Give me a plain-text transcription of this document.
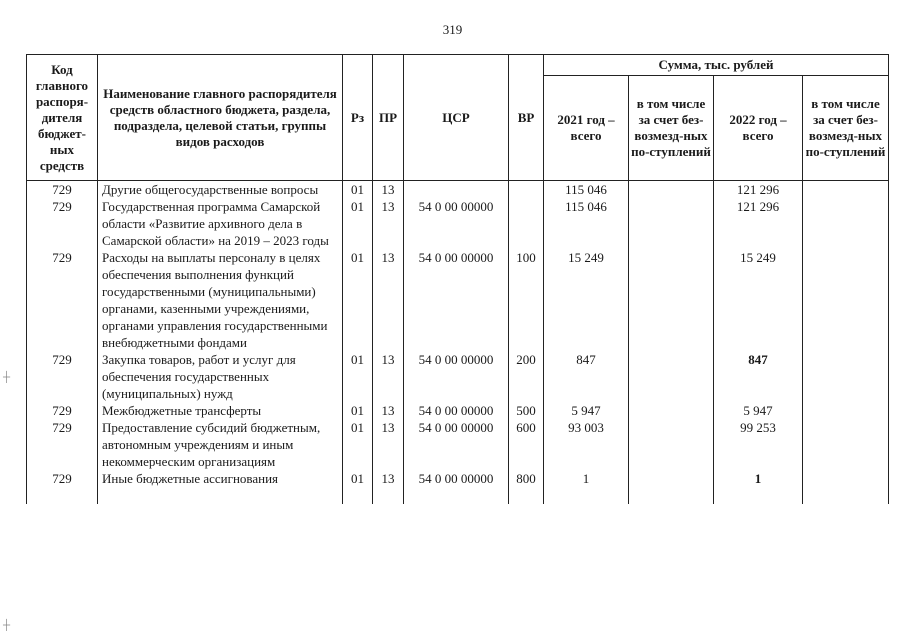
319
┼
┼
Код главного распоря-дителя бюджет-ных средств	Наименование главного распорядителя средств областного бюджета, раздела, подраздела, целевой статьи, группы видов расходов	Рз	ПР	ЦСР	ВР	Сумма, тыс. рублей			
						2021 год – всего	в том числе за счет без-возмезд-ных по-ступлений	2022 год – всего	в том числе за счет без-возмезд-ных по-ступлений
729	Другие общегосударственные вопросы	01	13			115 046		121 296	
729	Государственная программа Самарской области «Развитие архивного дела в Самарской области» на 2019 – 2023 годы	01	13	54 0 00 00000		115 046		121 296	
729	Расходы на выплаты персоналу в целях обеспечения выполнения функций государственными (муниципальными) органами, казенными учреждениями, органами управления государственными внебюджетными фондами	01	13	54 0 00 00000	100	15 249		15 249	
729	Закупка товаров, работ и услуг для обеспечения государственных (муниципальных) нужд	01	13	54 0 00 00000	200	847		847	
729	Межбюджетные трансферты	01	13	54 0 00 00000	500	5 947		5 947	
729	Предоставление субсидий бюджетным, автономным учреждениям и иным некоммерческим организациям	01	13	54 0 00 00000	600	93 003		99 253	
729	Иные бюджетные ассигнования	01	13	54 0 00 00000	800	1		1	
